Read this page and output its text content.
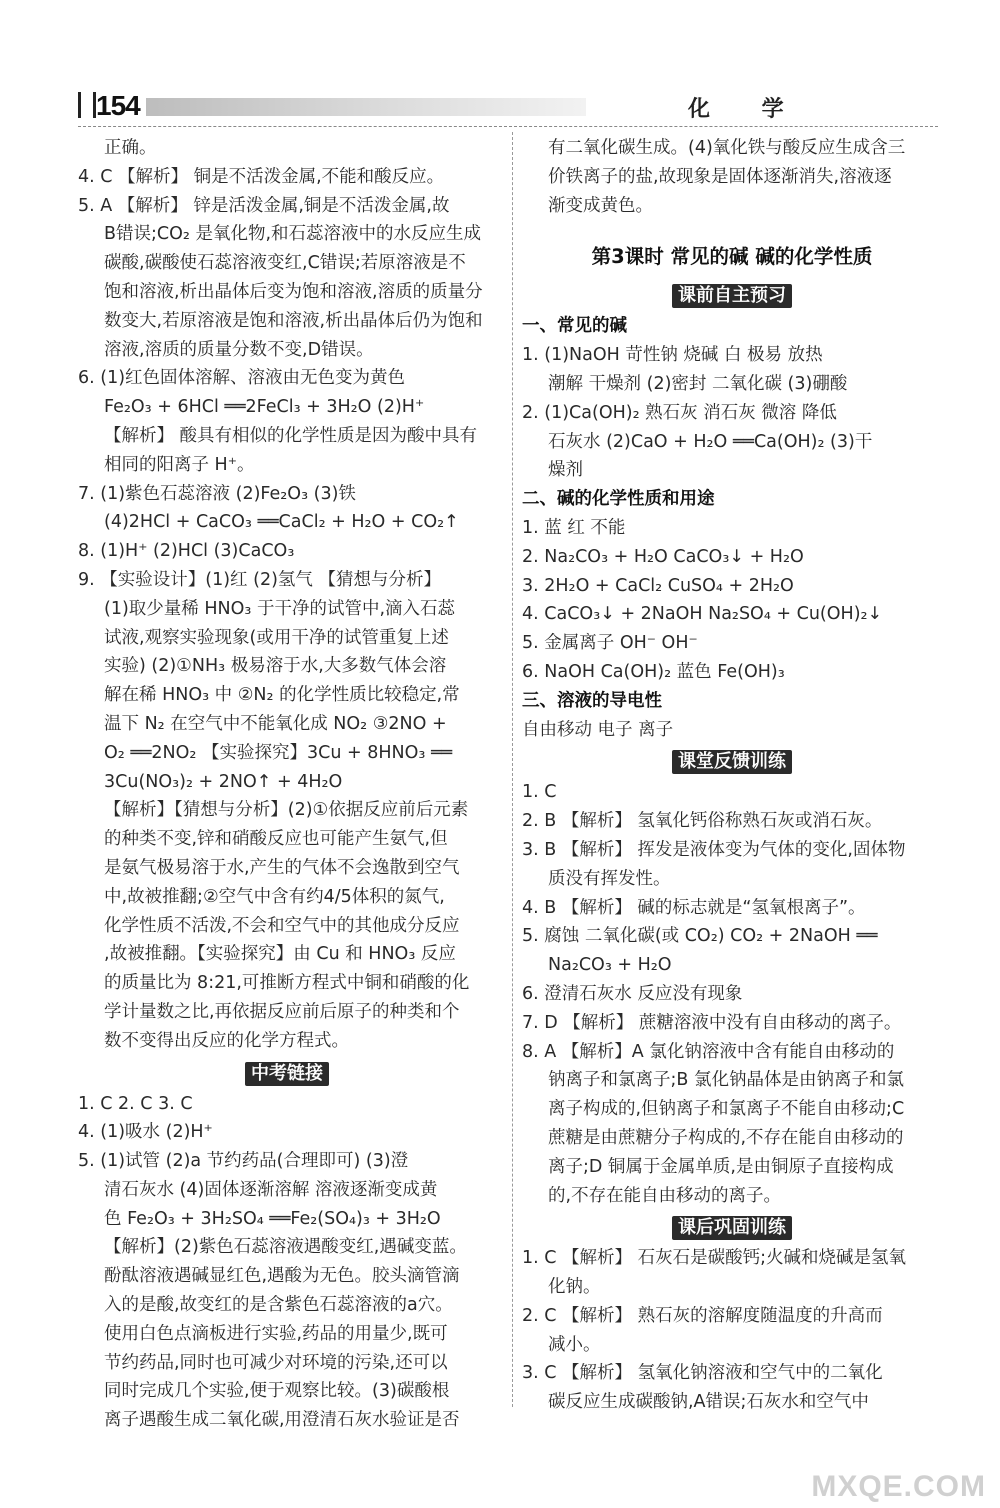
154	化 学
正确。
4. C 【解析】 铜是不活泼金属,不能和酸反应。
5. A 【解析】 锌是活泼金属,铜是不活泼金属,故
B错误;CO₂ 是氧化物,和石蕊溶液中的水反应生成
碳酸,碳酸使石蕊溶液变红,C错误;若原溶液是不
饱和溶液,析出晶体后变为饱和溶液,溶质的质量分
数变大,若原溶液是饱和溶液,析出晶体后仍为饱和
溶液,溶质的质量分数不变,D错误。
6. (1)红色固体溶解、溶液由无色变为黄色
Fe₂O₃ + 6HCl ══2FeCl₃ + 3H₂O (2)H⁺
【解析】 酸具有相似的化学性质是因为酸中具有
相同的阳离子 H⁺。
7. (1)紫色石蕊溶液 (2)Fe₂O₃ (3)铁
(4)2HCl + CaCO₃ ══CaCl₂ + H₂O + CO₂↑
8. (1)H⁺ (2)HCl (3)CaCO₃
9. 【实验设计】(1)红 (2)氢气 【猜想与分析】
(1)取少量稀 HNO₃ 于干净的试管中,滴入石蕊
试液,观察实验现象(或用干净的试管重复上述
实验) (2)①NH₃ 极易溶于水,大多数气体会溶
解在稀 HNO₃ 中 ②N₂ 的化学性质比较稳定,常
温下 N₂ 在空气中不能氧化成 NO₂ ③2NO +
O₂ ══2NO₂ 【实验探究】3Cu + 8HNO₃ ══
3Cu(NO₃)₂ + 2NO↑ + 4H₂O
【解析】【猜想与分析】(2)①依据反应前后元素
的种类不变,锌和硝酸反应也可能产生氨气,但
是氨气极易溶于水,产生的气体不会逸散到空气
中,故被推翻;②空气中含有约4/5体积的氮气,
化学性质不活泼,不会和空气中的其他成分反应
,故被推翻。【实验探究】由 Cu 和 HNO₃ 反应
的质量比为 8:21,可推断方程式中铜和硝酸的化
学计量数之比,再依据反应前后原子的种类和个
数不变得出反应的化学方程式。
中考链接
1. C 2. C 3. C
4. (1)吸水 (2)H⁺
5. (1)试管 (2)a 节约药品(合理即可) (3)澄
清石灰水 (4)固体逐渐溶解 溶液逐渐变成黄
色 Fe₂O₃ + 3H₂SO₄ ══Fe₂(SO₄)₃ + 3H₂O
【解析】(2)紫色石蕊溶液遇酸变红,遇碱变蓝。
酚酞溶液遇碱显红色,遇酸为无色。胶头滴管滴
入的是酸,故变红的是含紫色石蕊溶液的a穴。
使用白色点滴板进行实验,药品的用量少,既可
节约药品,同时也可减少对环境的污染,还可以
同时完成几个实验,便于观察比较。(3)碳酸根
离子遇酸生成二氧化碳,用澄清石灰水验证是否
有二氧化碳生成。(4)氧化铁与酸反应生成含三
价铁离子的盐,故现象是固体逐渐消失,溶液逐
渐变成黄色。
第3课时 常见的碱 碱的化学性质
课前自主预习
一、常见的碱
1. (1)NaOH 苛性钠 烧碱 白 极易 放热
潮解 干燥剂 (2)密封 二氧化碳 (3)硼酸
2. (1)Ca(OH)₂ 熟石灰 消石灰 微溶 降低
石灰水 (2)CaO + H₂O ══Ca(OH)₂ (3)干
燥剂
二、碱的化学性质和用途
1. 蓝 红 不能
2. Na₂CO₃ + H₂O CaCO₃↓ + H₂O
3. 2H₂O + CaCl₂ CuSO₄ + 2H₂O
4. CaCO₃↓ + 2NaOH Na₂SO₄ + Cu(OH)₂↓
5. 金属离子 OH⁻ OH⁻
6. NaOH Ca(OH)₂ 蓝色 Fe(OH)₃
三、溶液的导电性
自由移动 电子 离子
课堂反馈训练
1. C
2. B 【解析】 氢氧化钙俗称熟石灰或消石灰。
3. B 【解析】 挥发是液体变为气体的变化,固体物
质没有挥发性。
4. B 【解析】 碱的标志就是“氢氧根离子”。
5. 腐蚀 二氧化碳(或 CO₂) CO₂ + 2NaOH ══
Na₂CO₃ + H₂O
6. 澄清石灰水 反应没有现象
7. D 【解析】 蔗糖溶液中没有自由移动的离子。
8. A 【解析】A 氯化钠溶液中含有能自由移动的
钠离子和氯离子;B 氯化钠晶体是由钠离子和氯
离子构成的,但钠离子和氯离子不能自由移动;C
蔗糖是由蔗糖分子构成的,不存在能自由移动的
离子;D 铜属于金属单质,是由铜原子直接构成
的,不存在能自由移动的离子。
课后巩固训练
1. C 【解析】 石灰石是碳酸钙;火碱和烧碱是氢氧
化钠。
2. C 【解析】 熟石灰的溶解度随温度的升高而
减小。
3. C 【解析】 氢氧化钠溶液和空气中的二氧化
碳反应生成碳酸钠,A错误;石灰水和空气中
MXQE.COM
